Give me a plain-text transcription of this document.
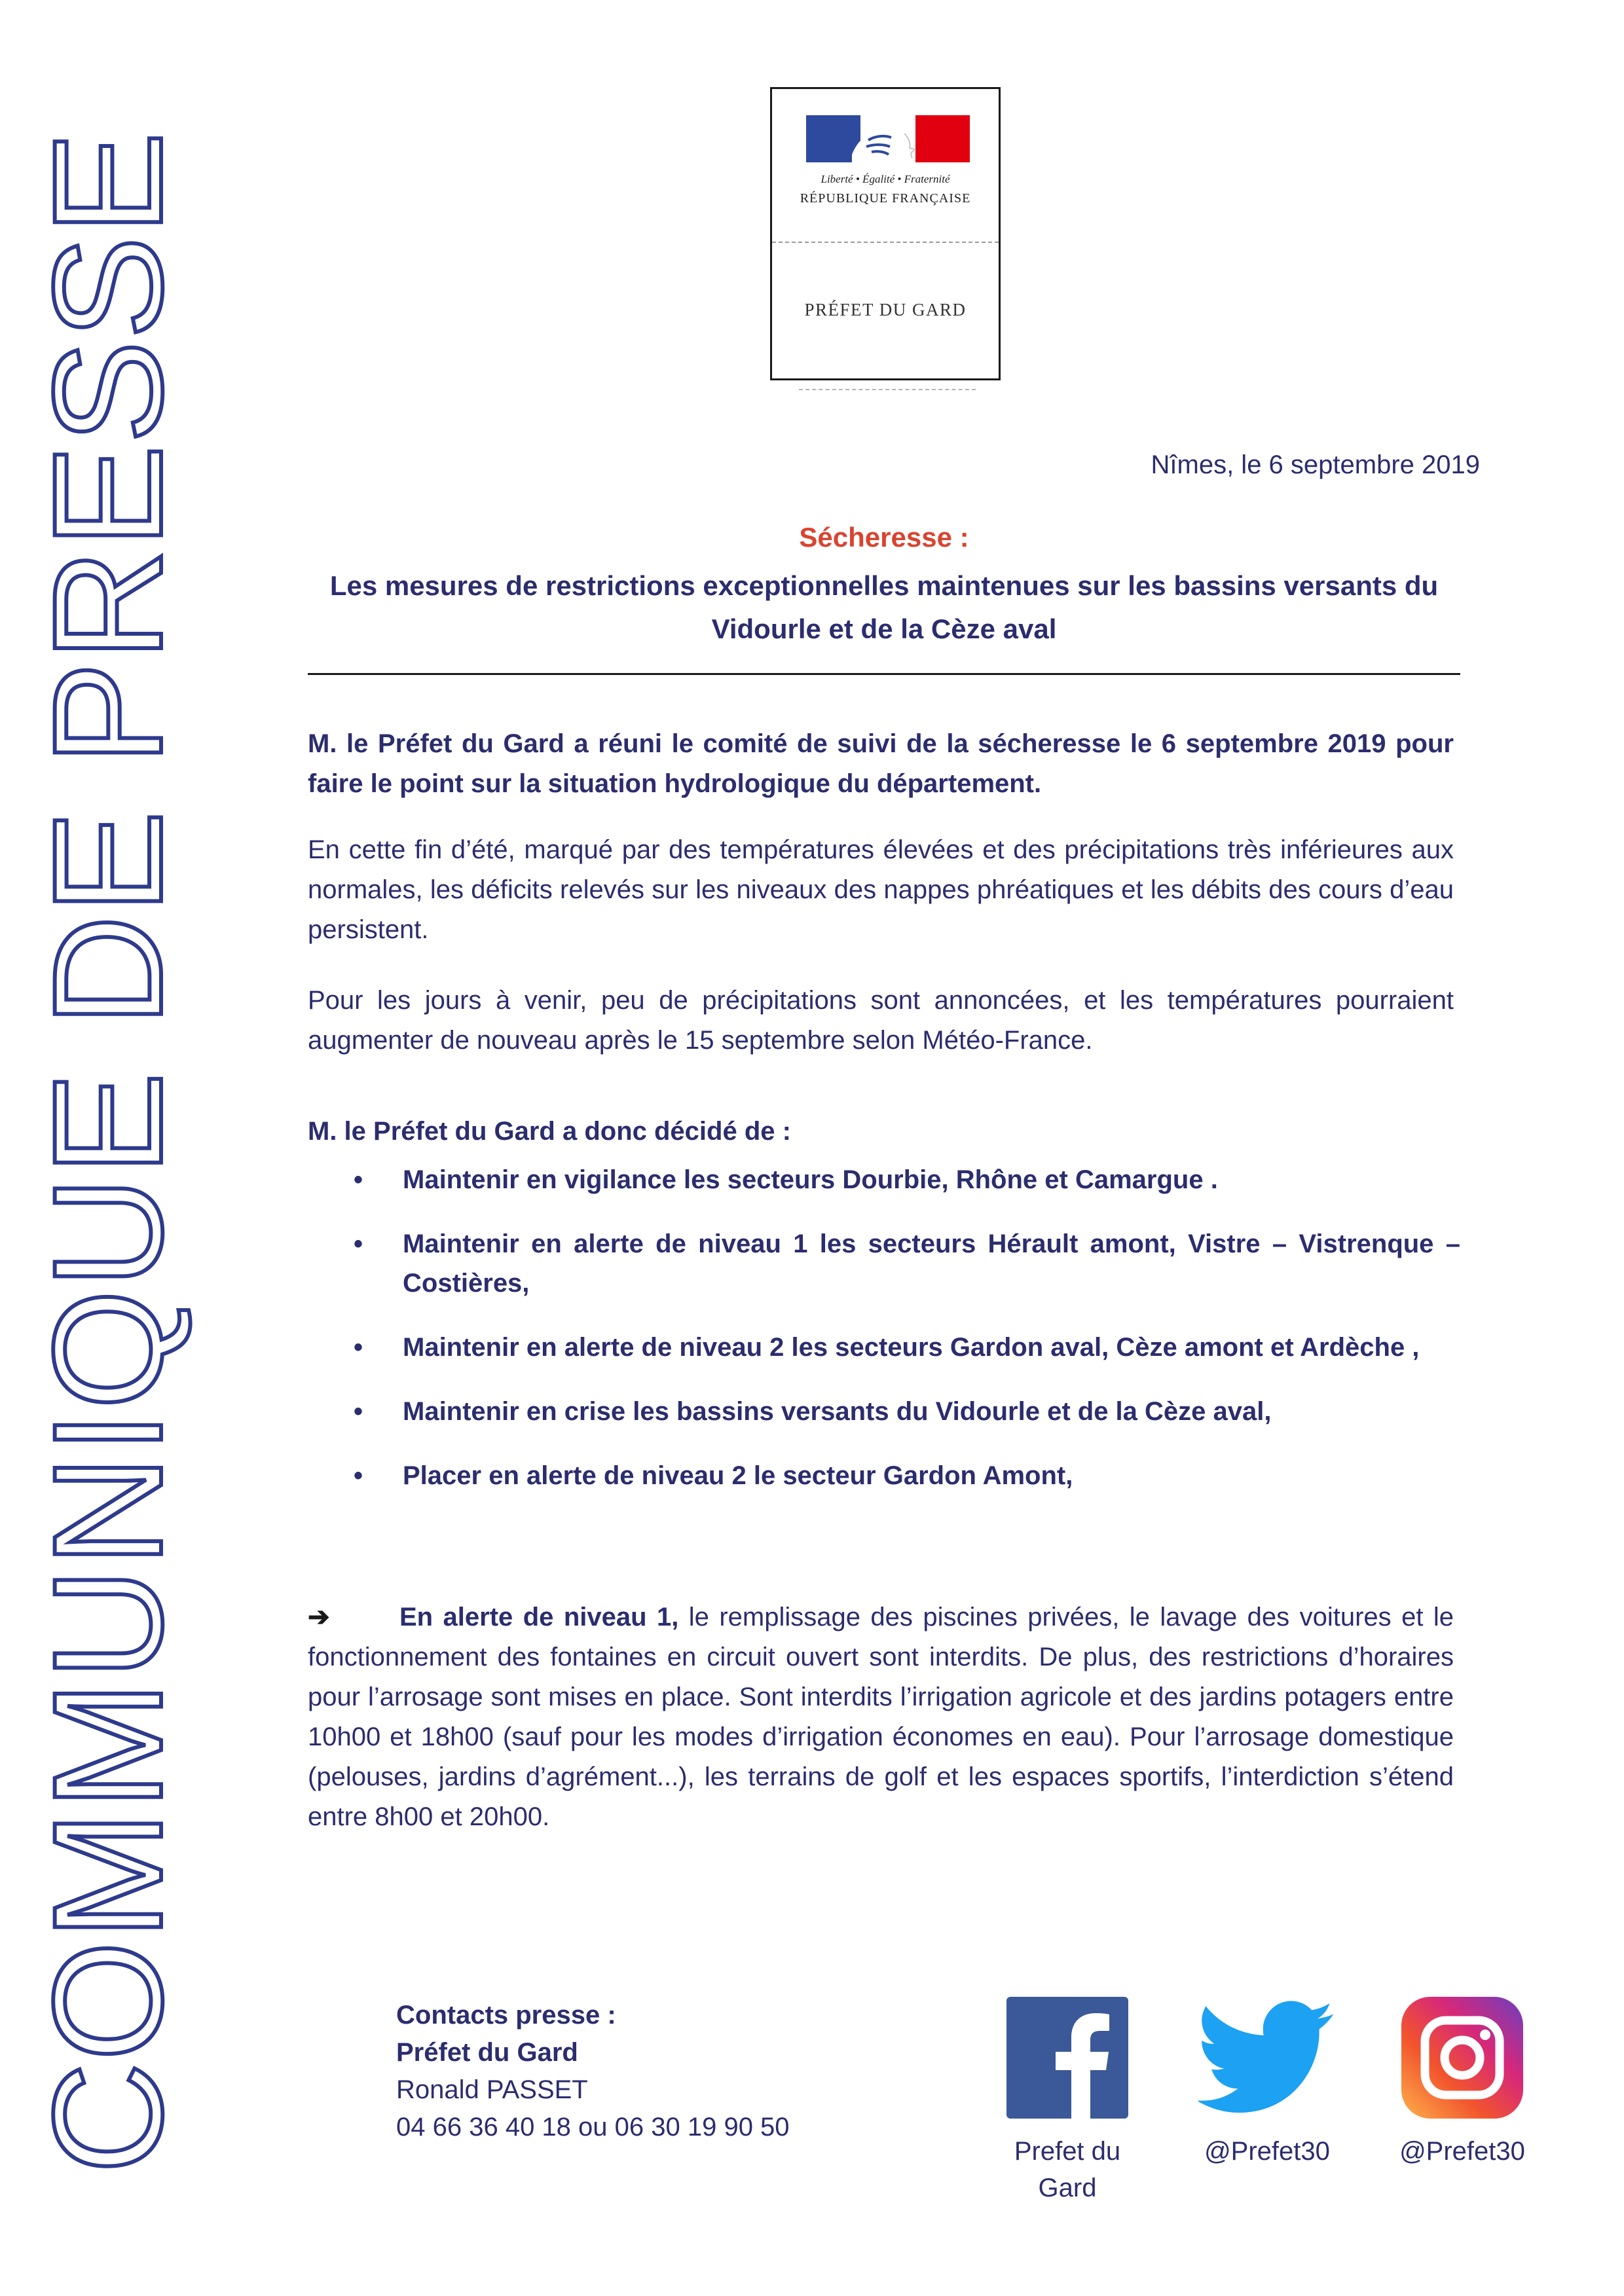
COMMUNIQUE DE PRESSE	Liberté • Égalité • Fraternité
RÉPUBLIQUE FRANÇAISE
PRÉFET DU GARD
Nîmes, le 6 septembre 2019
Sécheresse :
Les mesures de restrictions exceptionnelles maintenues sur les bassins versants du
Vidourle et de la Cèze aval
M. le Préfet du Gard a réuni le comité de suivi de la sécheresse le 6 septembre 2019 pour faire le point sur la situation hydrologique du département.
En cette fin d’été, marqué par des températures élevées et des précipitations très inférieures aux normales, les déficits relevés sur les niveaux des nappes phréatiques et les débits des cours d’eau persistent.
Pour les jours à venir, peu de précipitations sont annoncées, et les températures pourraient augmenter de nouveau après le 15 septembre selon Météo-France.
M. le Préfet du Gard a donc décidé de :
• Maintenir en vigilance les secteurs Dourbie, Rhône et Camargue .
• Maintenir en alerte de niveau 1 les secteurs Hérault amont, Vistre – Vistrenque – Costières,
• Maintenir en alerte de niveau 2 les secteurs Gardon aval, Cèze amont et Ardèche ,
• Maintenir en crise les bassins versants du Vidourle et de la Cèze aval,
• Placer en alerte de niveau 2 le secteur Gardon Amont,
➔	En alerte de niveau 1, le remplissage des piscines privées, le lavage des voitures et le fonctionnement des fontaines en circuit ouvert sont interdits. De plus, des restrictions d’horaires pour l’arrosage sont mises en place. Sont interdits l’irrigation agricole et des jardins potagers entre 10h00 et 18h00 (sauf pour les modes d’irrigation économes en eau). Pour l’arrosage domestique (pelouses, jardins d’agrément...), les terrains de golf et les espaces sportifs, l’interdiction s’étend entre 8h00 et 20h00.
Contacts presse :
Préfet du Gard
Ronald PASSET
04 66 36 40 18 ou 06 30 19 90 50
Prefet du
Gard
@Prefet30	@Prefet30
